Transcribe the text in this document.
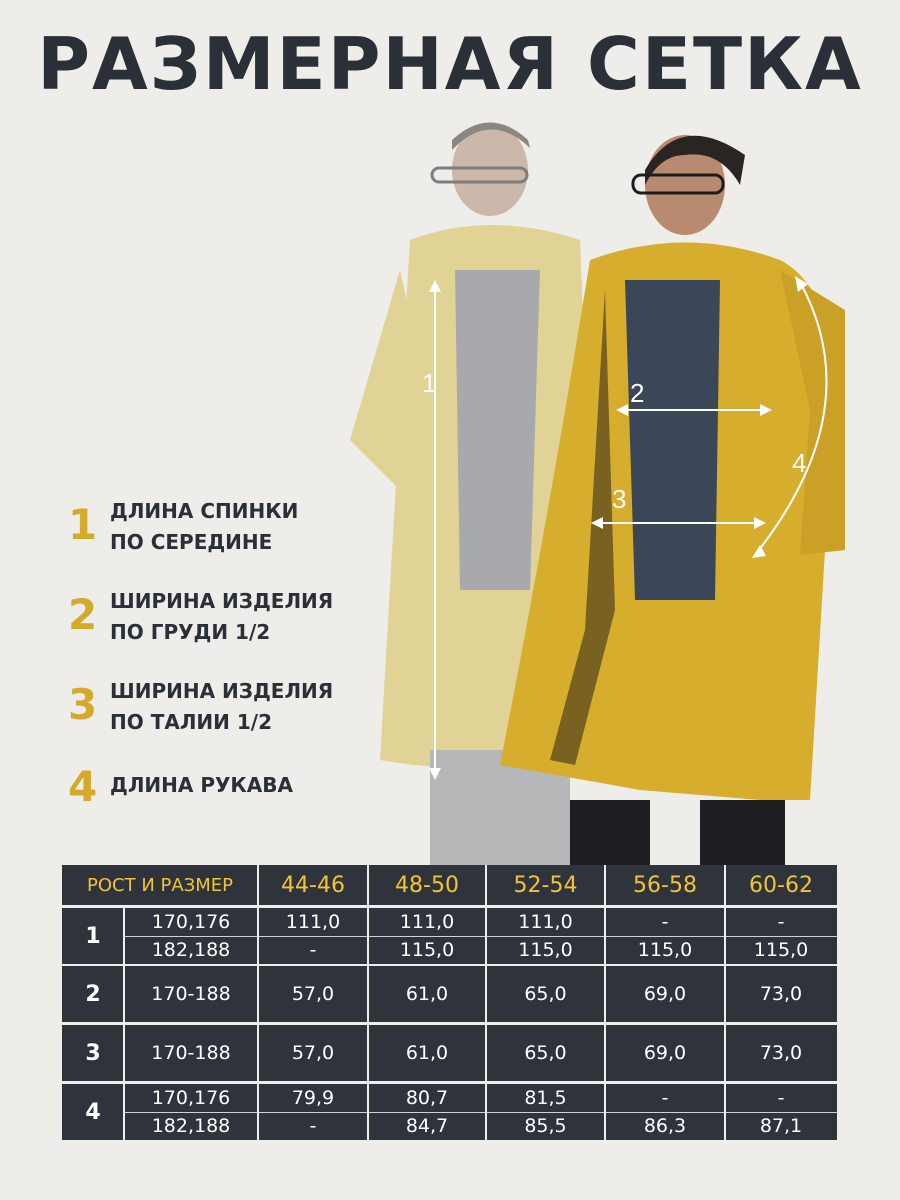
РАЗМЕРНАЯ СЕТКА
1	2
3
4
1 ДЛИНА СПИНКИ
ПО СЕРЕДИНЕ
2 ШИРИНА ИЗДЕЛИЯ
ПО ГРУДИ 1/2
3 ШИРИНА ИЗДЕЛИЯ
ПО ТАЛИИ 1/2
4 ДЛИНА РУКАВА
РОСТ И РАЗМЕР	44-46	48-50	52-54	56-58	60-62
1
170,176	111,0	111,0	111,0	-	-
182,188	-	115,0	115,0	115,0	115,0
2	170-188	57,0	61,0	65,0	69,0	73,0
3	170-188	57,0	61,0	65,0	69,0	73,0
4
170,176	79,9	80,7	81,5	-	-
182,188	-	84,7	85,5	86,3	87,1
